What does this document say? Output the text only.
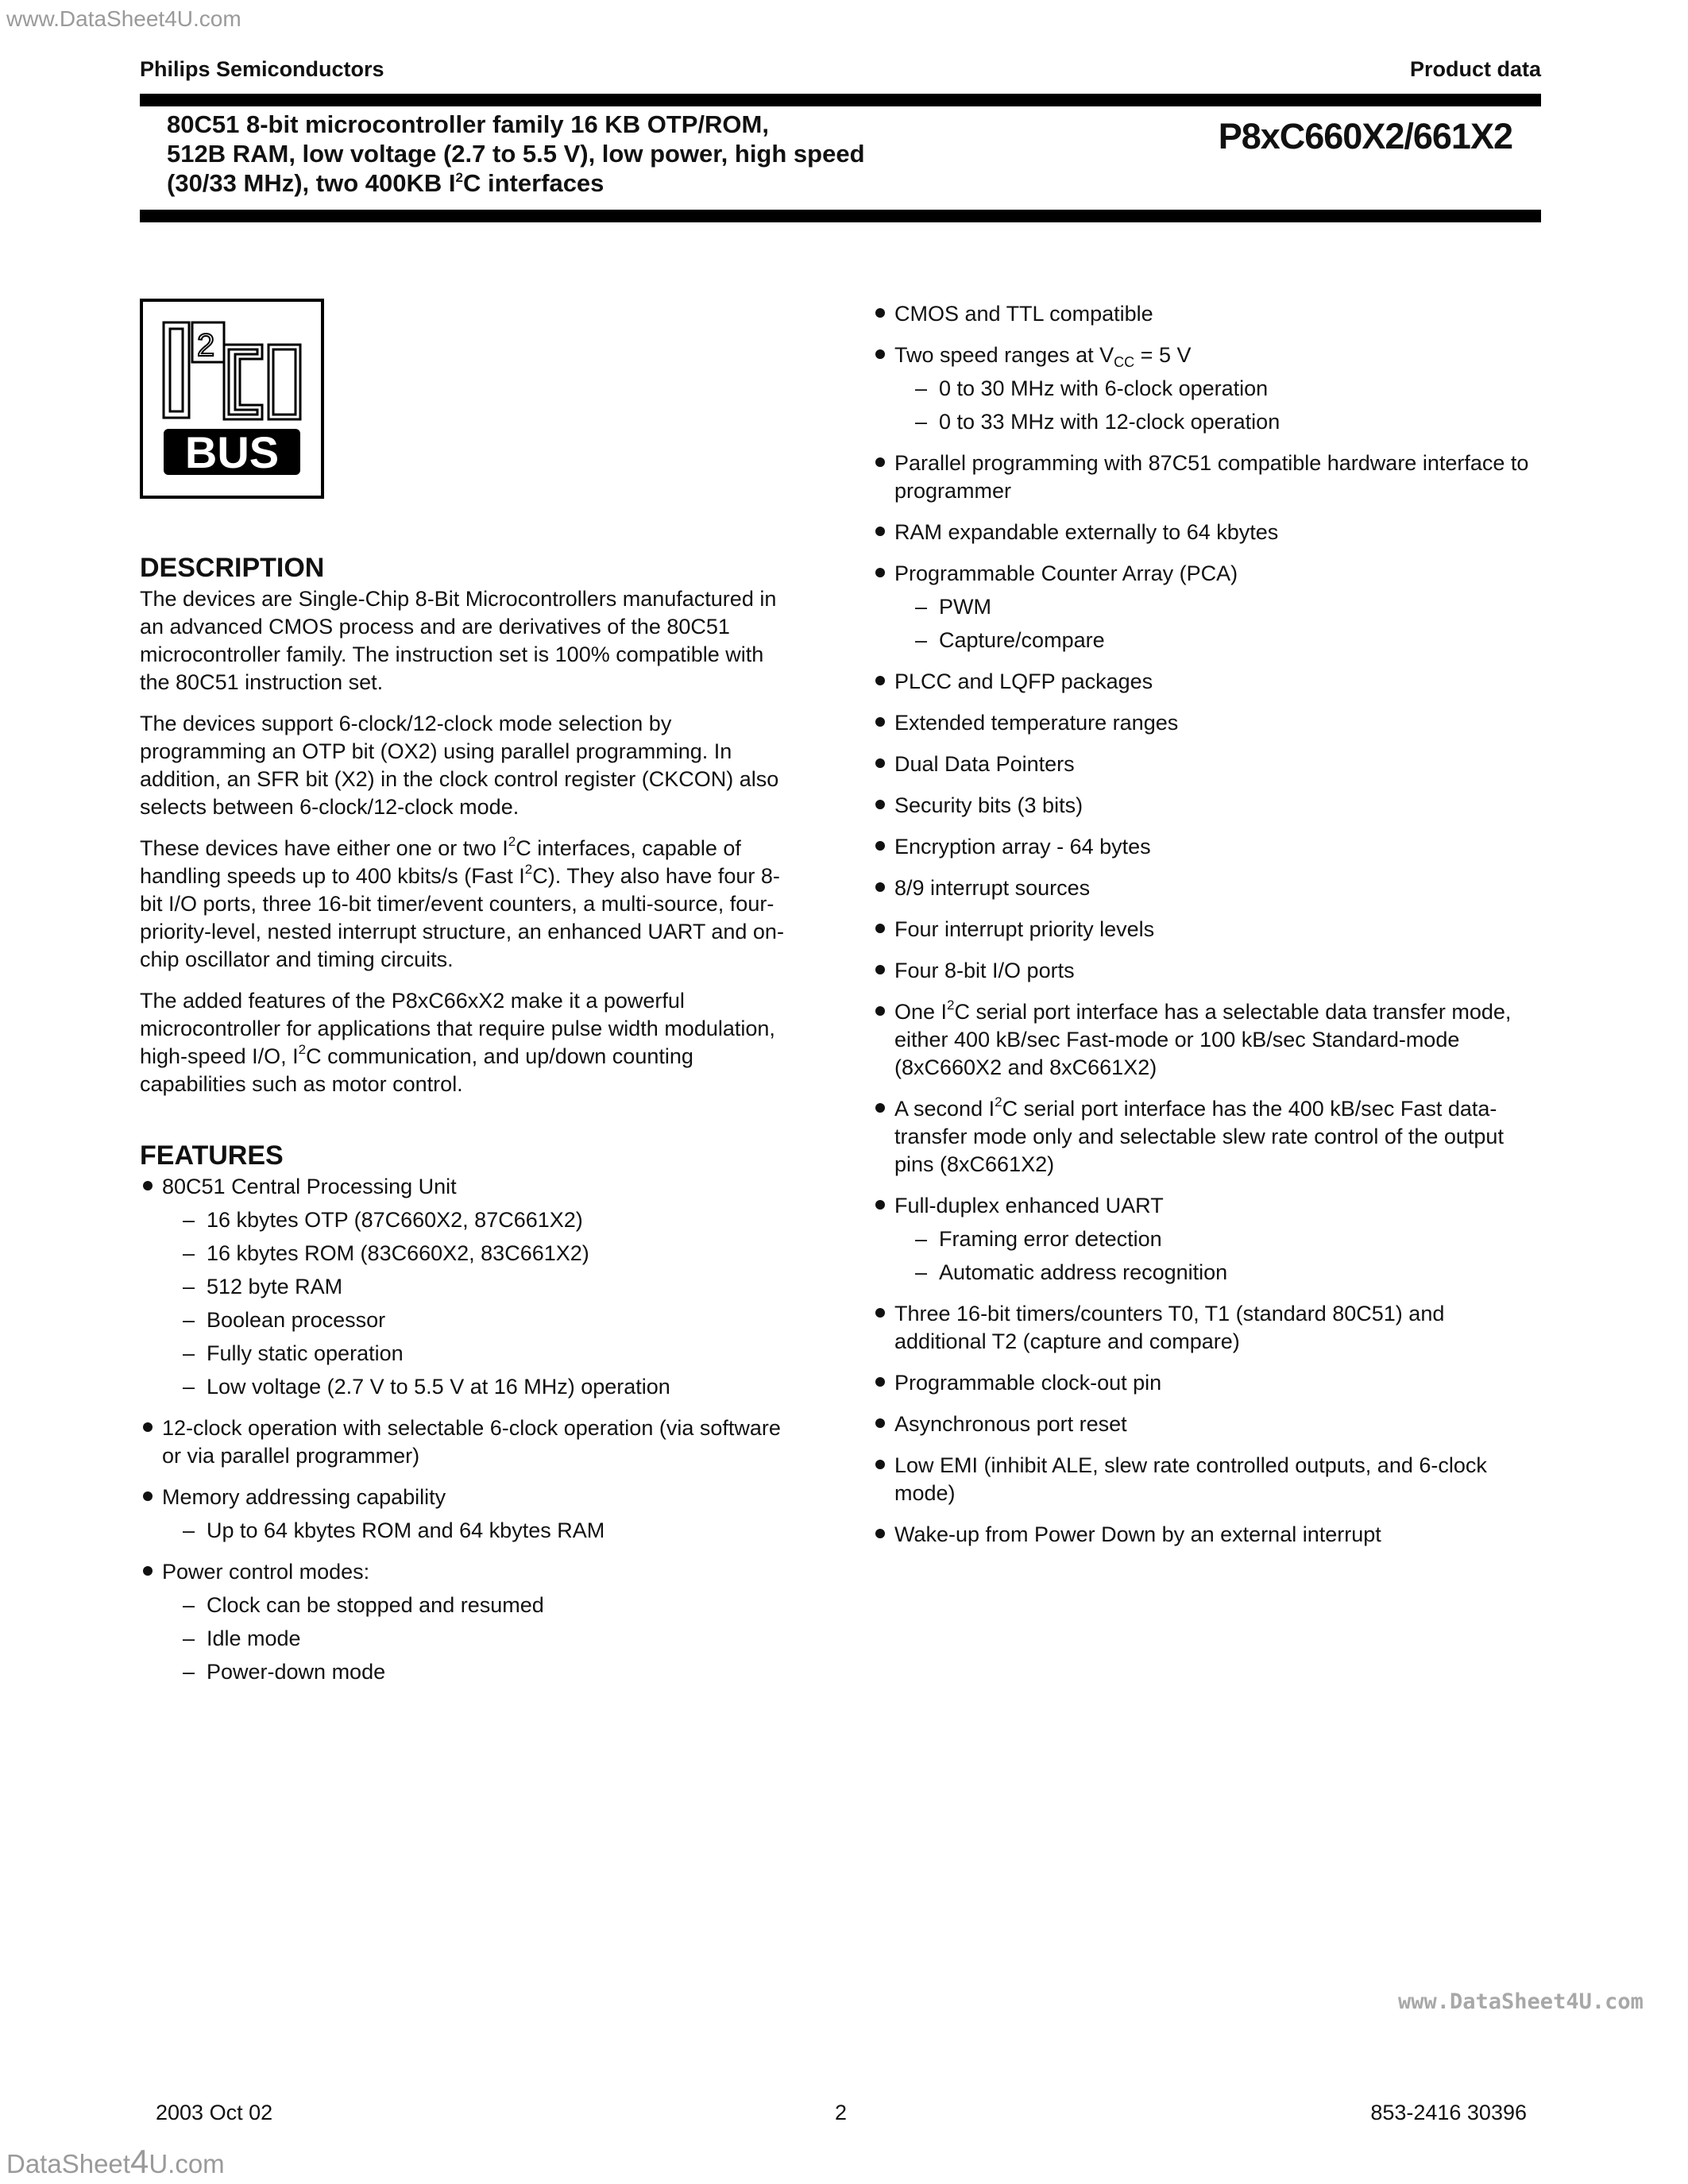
www.DataSheet4U.com
Philips Semiconductors	Product data
80C51 8-bit microcontroller family 16 KB OTP/ROM,
512B RAM, low voltage (2.7 to 5.5 V), low power, high speed
(30/33 MHz), two 400KB $I^2C$ interfaces
P8xC660X2/661X2
2
BUS
DESCRIPTION

The devices are Single-Chip 8-Bit Microcontrollers manufactured in an advanced CMOS process and are derivatives of the 80C51 microcontroller family. The instruction set is 100% compatible with the 80C51 instruction set.

The devices support 6-clock/12-clock mode selection by programming an OTP bit (OX2) using parallel programming. In addition, an SFR bit (X2) in the clock control register (CKCON) also selects between 6-clock/12-clock mode.

These devices have either one or two $I^2C$ interfaces, capable of handling speeds up to 400 kbits/s (Fast $I^2C$). They also have four 8-bit I/O ports, three 16-bit timer/event counters, a multi-source, four-priority-level, nested interrupt structure, an enhanced UART and on-chip oscillator and timing circuits.

The added features of the P8xC66xX2 make it a powerful microcontroller for applications that require pulse width modulation, high-speed I/O, $I^2C$ communication, and up/down counting capabilities such as motor control.

FEATURES
80C51 Central Processing Unit
– 16 kbytes OTP (87C660X2, 87C661X2)
– 16 kbytes ROM (83C660X2, 83C661X2)
– 512 byte RAM
– Boolean processor
– Fully static operation
– Low voltage (2.7 V to 5.5 V at 16 MHz) operation
12-clock operation with selectable 6-clock operation (via software or via parallel programmer)
Memory addressing capability
– Up to 64 kbytes ROM and 64 kbytes RAM
Power control modes:
– Clock can be stopped and resumed
– Idle mode
– Power-down mode
CMOS and TTL compatible
Two speed ranges at $V_{CC} = 5$ V
– 0 to 30 MHz with 6-clock operation
– 0 to 33 MHz with 12-clock operation
Parallel programming with 87C51 compatible hardware interface to programmer
RAM expandable externally to 64 kbytes
Programmable Counter Array (PCA)
– PWM
– Capture/compare
PLCC and LQFP packages
Extended temperature ranges
Dual Data Pointers
Security bits (3 bits)
Encryption array - 64 bytes
8/9 interrupt sources
Four interrupt priority levels
Four 8-bit I/O ports
One $I^2C$ serial port interface has a selectable data transfer mode, either 400 kB/sec Fast-mode or 100 kB/sec Standard-mode (8xC660X2 and 8xC661X2)
A second $I^2C$ serial port interface has the 400 kB/sec Fast data-transfer mode only and selectable slew rate control of the output pins (8xC661X2)
Full-duplex enhanced UART
– Framing error detection
– Automatic address recognition
Three 16-bit timers/counters T0, T1 (standard 80C51) and additional T2 (capture and compare)
Programmable clock-out pin
Asynchronous port reset
Low EMI (inhibit ALE, slew rate controlled outputs, and 6-clock mode)
Wake-up from Power Down by an external interrupt
www.DataSheet4U.com
2003 Oct 02	2	853-2416 30396
DataSheet4U.com
